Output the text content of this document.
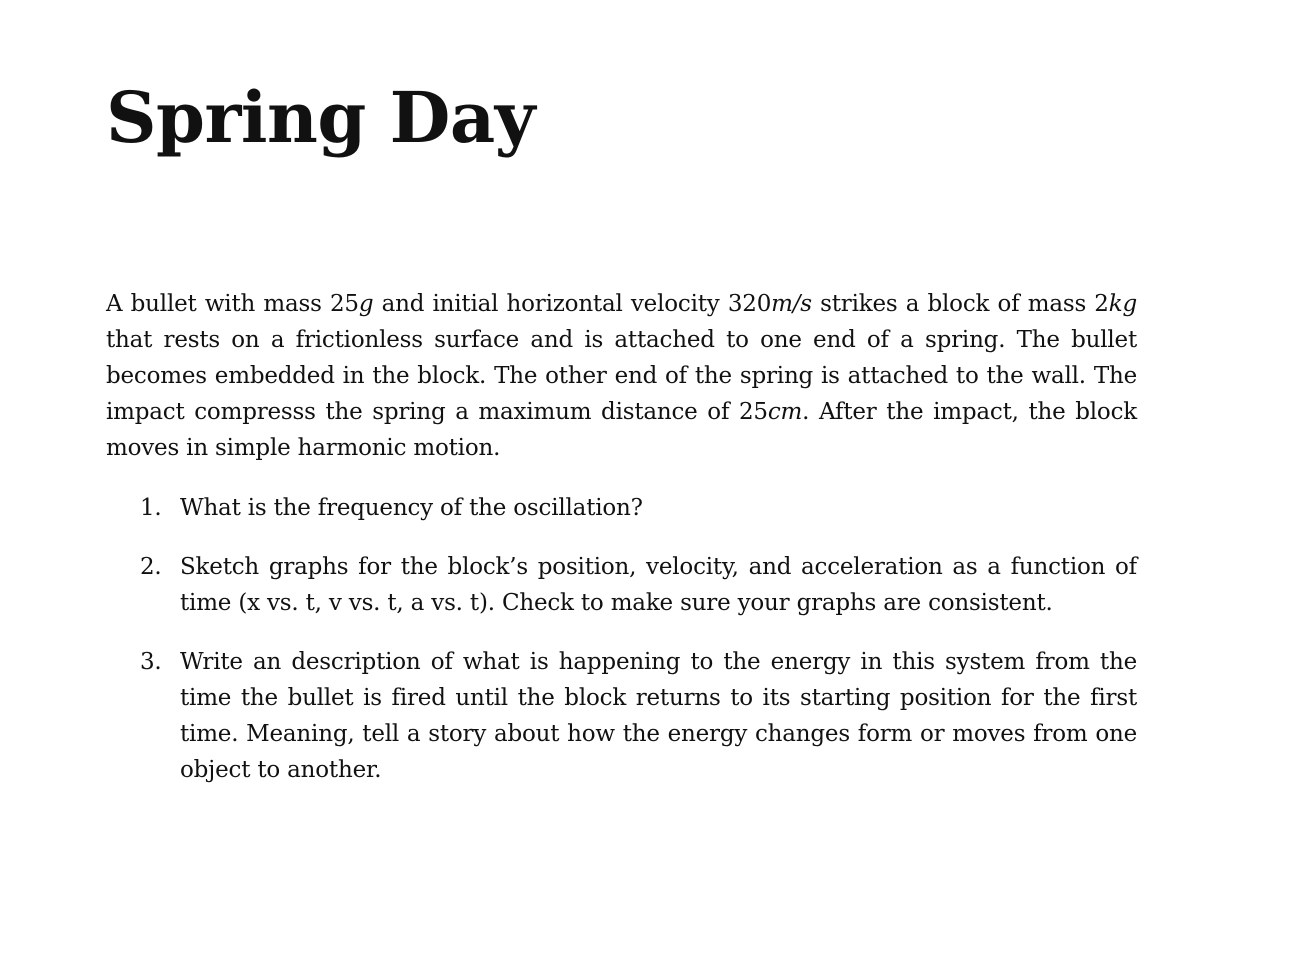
Spring Day

A bullet with mass 25g and initial horizontal velocity 320m/s strikes a block of mass 2kg that rests on a frictionless surface and is attached to one end of a spring. The bullet becomes embedded in the block. The other end of the spring is attached to the wall. The impact compresss the spring a maximum distance of 25cm. After the impact, the block moves in simple harmonic motion.

1. What is the frequency of the oscillation?
2. Sketch graphs for the block’s position, velocity, and acceleration as a function of time (x vs. t, v vs. t, a vs. t). Check to make sure your graphs are consistent.
3. Write an description of what is happening to the energy in this system from the time the bullet is fired until the block returns to its starting position for the first time. Meaning, tell a story about how the energy changes form or moves from one object to another.
